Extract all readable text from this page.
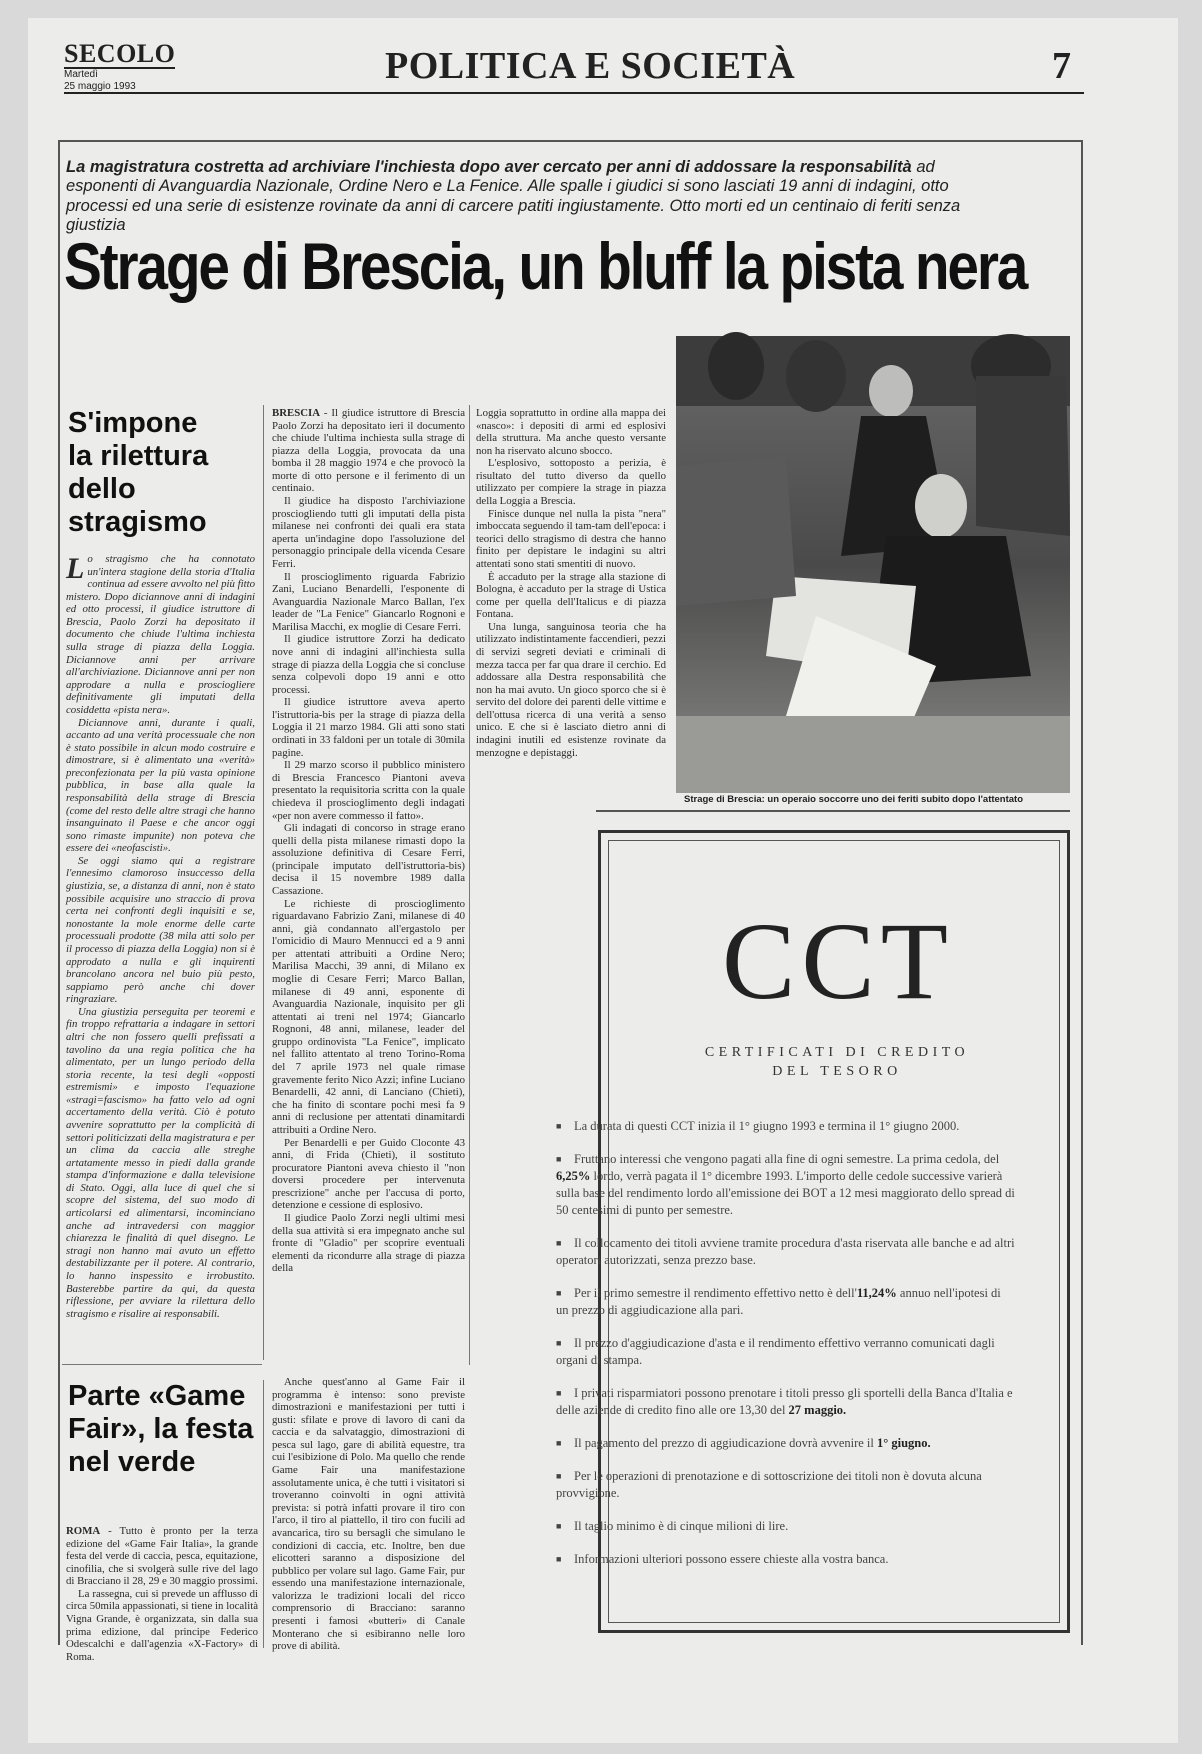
SECOLO
Martedì
25 maggio 1993	POLITICA E SOCIETÀ	7
La magistratura costretta ad archiviare l'inchiesta dopo aver cercato per anni di addossare la responsabilità ad esponenti di Avanguardia Nazionale, Ordine Nero e La Fenice. Alle spalle i giudici si sono lasciati 19 anni di indagini, otto processi ed una serie di esistenze rovinate da anni di carcere patiti ingiustamente. Otto morti ed un centinaio di feriti senza giustizia
Strage di Brescia, un bluff la pista nera
S'impone la rilettura dello stragismo
L o stragismo che ha connotato un'intera stagione della storia d'Italia continua ad essere avvolto nel più fitto mistero. Dopo diciannove anni di indagini ed otto processi, il giudice istruttore di Brescia, Paolo Zorzi ha depositato il documento che chiude l'ultima inchiesta sulla strage di piazza della Loggia. Diciannove anni per arrivare all'archiviazione. Diciannove anni per non approdare a nulla e prosciogliere definitivamente gli imputati della cosiddetta «pista nera».

Diciannove anni, durante i quali, accanto ad una verità processuale che non è stato possibile in alcun modo costruire e dimostrare, si è alimentato una «verità» preconfezionata per la più vasta opinione pubblica, in base alla quale la responsabilità della strage di Brescia (come del resto delle altre stragi che hanno insanguinato il Paese e che ancor oggi sono rimaste impunite) non poteva che essere dei «neofascisti».

Se oggi siamo qui a registrare l'ennesimo clamoroso insuccesso della giustizia, se, a distanza di anni, non è stato possibile acquisire uno straccio di prova certa nei confronti degli inquisiti e se, nonostante la mole enorme delle carte processuali prodotte (38 mila atti solo per il processo di piazza della Loggia) non si è approdato a nulla e gli inquirenti brancolano ancora nel buio più pesto, sappiamo però anche chi dover ringraziare.

Una giustizia perseguita per teoremi e fin troppo refrattaria a indagare in settori altri che non fossero quelli prefissati a tavolino da una regia politica che ha alimentato, per un lungo periodo della storia recente, la tesi degli «opposti estremismi» e imposto l'equazione «stragi=fascismo» ha fatto velo ad ogni accertamento della verità. Ciò è potuto avvenire soprattutto per la complicità di settori politicizzati della magistratura e per un clima da caccia alle streghe artatamente messo in piedi dalla grande stampa d'informazione e dalla televisione di Stato. Oggi, alla luce di quel che si scopre del sistema, del suo modo di articolarsi ed alimentarsi, incominciano anche ad intravedersi con maggior chiarezza le finalità di quel disegno. Le stragi non hanno mai avuto un effetto destabilizzante per il potere. Al contrario, lo hanno inspessito e irrobustito. Basterebbe partire da qui, da questa riflessione, per avviare la rilettura dello stragismo e risalire ai responsabili.

BRESCIA - Il giudice istruttore di Brescia Paolo Zorzi ha depositato ieri il documento che chiude l'ultima inchiesta sulla strage di piazza della Loggia, provocata da una bomba il 28 maggio 1974 e che provocò la morte di otto persone e il ferimento di un centinaio.

Il giudice ha disposto l'archiviazione prosciogliendo tutti gli imputati della pista milanese nei confronti dei quali era stata aperta un'indagine dopo l'assoluzione del personaggio principale della vicenda Cesare Ferri.

Il proscioglimento riguarda Fabrizio Zani, Luciano Benardelli, l'esponente di Avanguardia Nazionale Marco Ballan, l'ex leader de "La Fenice" Giancarlo Rognoni e Marilisa Macchi, ex moglie di Cesare Ferri.

Il giudice istruttore Zorzi ha dedicato nove anni di indagini all'inchiesta sulla strage di piazza della Loggia che si concluse senza colpevoli dopo 19 anni e otto processi.

Il giudice istruttore aveva aperto l'istruttoria-bis per la strage di piazza della Loggia il 21 marzo 1984. Gli atti sono stati ordinati in 33 faldoni per un totale di 30mila pagine.

Il 29 marzo scorso il pubblico ministero di Brescia Francesco Piantoni aveva presentato la requisitoria scritta con la quale chiedeva il proscioglimento degli indagati «per non avere commesso il fatto».

Gli indagati di concorso in strage erano quelli della pista milanese rimasti dopo la assoluzione definitiva di Cesare Ferri, (principale imputato dell'istruttoria-bis) decisa il 15 novembre 1989 dalla Cassazione.

Le richieste di proscioglimento riguardavano Fabrizio Zani, milanese di 40 anni, già condannato all'ergastolo per l'omicidio di Mauro Mennucci ed a 9 anni per attentati attribuiti a Ordine Nero; Marilisa Macchi, 39 anni, di Milano ex moglie di Cesare Ferri; Marco Ballan, milanese di 49 anni, esponente di Avanguardia Nazionale, inquisito per gli attentati ai treni nel 1974; Giancarlo Rognoni, 48 anni, milanese, leader del gruppo ordinovista "La Fenice", implicato nel fallito attentato al treno Torino-Roma del 7 aprile 1973 nel quale rimase gravemente ferito Nico Azzi; infine Luciano Benardelli, 42 anni, di Lanciano (Chieti), che ha finito di scontare pochi mesi fa 9 anni di reclusione per attentati dinamitardi attribuiti a Ordine Nero.

Per Benardelli e per Guido Cloconte 43 anni, di Frida (Chieti), il sostituto procuratore Piantoni aveva chiesto il "non doversi procedere per intervenuta prescrizione" anche per l'accusa di porto, detenzione e cessione di esplosivo.

Il giudice Paolo Zorzi negli ultimi mesi della sua attività si era impegnato anche sul fronte di "Gladio" per scoprire eventuali elementi da ricondurre alla strage di piazza della

Loggia soprattutto in ordine alla mappa dei «nasco»: i depositi di armi ed esplosivi della struttura. Ma anche questo versante non ha riservato alcuno sbocco.

L'esplosivo, sottoposto a perizia, è risultato del tutto diverso da quello utilizzato per compiere la strage in piazza della Loggia a Brescia.

Finisce dunque nel nulla la pista "nera" imboccata seguendo il tam-tam dell'epoca: i teorici dello stragismo di destra che hanno finito per depistare le indagini su altri attentati sono stati smentiti di nuovo.

È accaduto per la strage alla stazione di Bologna, è accaduto per la strage di Ustica come per quella dell'Italicus e di piazza Fontana.

Una lunga, sanguinosa teoria che ha utilizzato indistintamente faccendieri, pezzi di servizi segreti deviati e criminali di mezza tacca per far qua drare il cerchio. Ed addossare alla Destra responsabilità che non ha mai avuto. Un gioco sporco che si è servito del dolore dei parenti delle vittime e dell'ottusa ricerca di una verità a senso unico. E che si è lasciato dietro anni di indagini inutili ed esistenze rovinate da menzogne e depistaggi.

Strage di Brescia: un operaio soccorre uno dei feriti subito dopo l'attentato
Parte «Game Fair», la festa nel verde

ROMA - Tutto è pronto per la terza edizione del «Game Fair Italia», la grande festa del verde di caccia, pesca, equitazione, cinofilia, che si svolgerà sulle rive del lago di Bracciano il 28, 29 e 30 maggio prossimi.

La rassegna, cui si prevede un afflusso di circa 50mila appassionati, si tiene in località Vigna Grande, è organizzata, sin dalla sua prima edizione, dal principe Federico Odescalchi e dall'agenzia «X-Factory» di Roma.

Anche quest'anno al Game Fair il programma è intenso: sono previste dimostrazioni e manifestazioni per tutti i gusti: sfilate e prove di lavoro di cani da caccia e da salvataggio, dimostrazioni di pesca sul lago, gare di abilità equestre, tra cui l'esibizione di Polo. Ma quello che rende Game Fair una manifestazione assolutamente unica, è che tutti i visitatori si troveranno coinvolti in ogni attività prevista: si potrà infatti provare il tiro con l'arco, il tiro al piattello, il tiro con fucili ad avancarica, tiro su bersagli che simulano le condizioni di caccia, etc. Inoltre, ben due elicotteri saranno a disposizione del pubblico per volare sul lago. Game Fair, pur essendo una manifestazione internazionale, valorizza le tradizioni locali del ricco comprensorio di Bracciano: saranno presenti i famosi «butteri» di Canale Monterano che si esibiranno nelle loro prove di abilità.

CCT
CERTIFICATI DI CREDITO
DEL TESORO
■ La durata di questi CCT inizia il 1° giugno 1993 e termina il 1° giugno 2000.
■ Fruttano interessi che vengono pagati alla fine di ogni semestre. La prima cedola, del 6,25% lordo, verrà pagata il 1° dicembre 1993. L'importo delle cedole successive varierà sulla base del rendimento lordo all'emissione dei BOT a 12 mesi maggiorato dello spread di 50 centesimi di punto per semestre.
■ Il collocamento dei titoli avviene tramite procedura d'asta riservata alle banche e ad altri operatori autorizzati, senza prezzo base.
■ Per il primo semestre il rendimento effettivo netto è dell'11,24% annuo nell'ipotesi di un prezzo di aggiudicazione alla pari.
■ Il prezzo d'aggiudicazione d'asta e il rendimento effettivo verranno comunicati dagli organi di stampa.
■ I privati risparmiatori possono prenotare i titoli presso gli sportelli della Banca d'Italia e delle aziende di credito fino alle ore 13,30 del 27 maggio.
■ Il pagamento del prezzo di aggiudicazione dovrà avvenire il 1° giugno.
■ Per le operazioni di prenotazione e di sottoscrizione dei titoli non è dovuta alcuna provvigione.
■ Il taglio minimo è di cinque milioni di lire.
■ Informazioni ulteriori possono essere chieste alla vostra banca.
